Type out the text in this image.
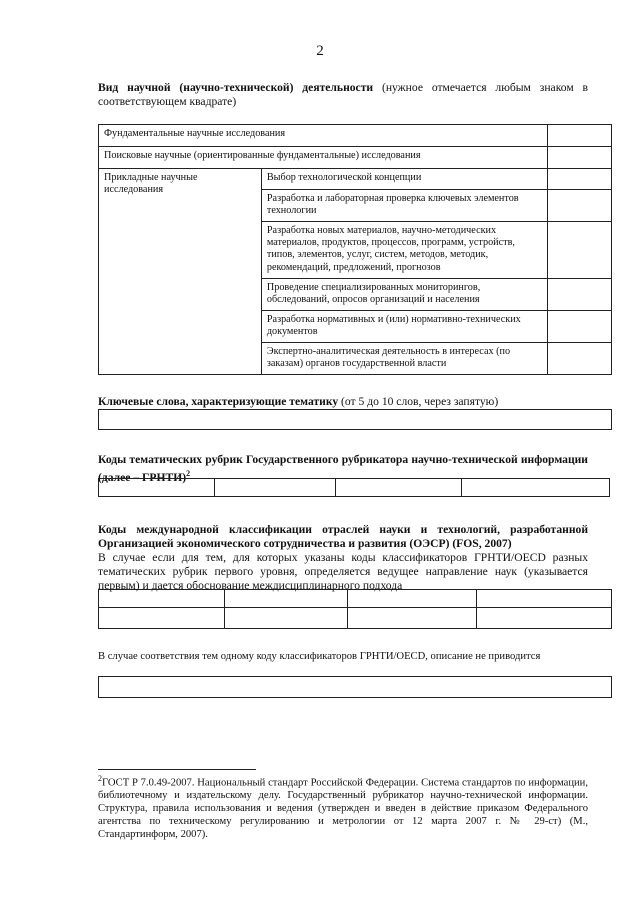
2
Вид научной (научно-технической) деятельности (нужное отмечается любым знаком в соответствующем квадрате)
Фундаментальные научные исследования		

Поисковые научные (ориентированные фундаментальные) исследования		

Прикладные научные исследования	Выбор технологической концепции	

	Разработка и лабораторная проверка ключевых элементов технологии	

	Разработка новых материалов, научно-методических материалов, продуктов, процессов, программ, устройств, типов, элементов, услуг, систем, методов, методик, рекомендаций, предложений, прогнозов	

	Проведение специализированных мониторингов, обследований, опросов организаций и населения	

	Разработка нормативных и (или) нормативно-технических документов	

	Экспертно-аналитическая деятельность в интересах (по заказам) органов государственной власти	

Ключевые слова, характеризующие тематику (от 5 до 10 слов, через запятую)
Коды тематических рубрик Государственного рубрикатора научно-технической информации (далее – ГРНТИ)$^2$

Коды международной классификации отраслей науки и технологий, разработанной Организацией экономического сотрудничества и развития (ОЭСР) (FOS, 2007)
В случае если для тем, для которых указаны коды классификаторов ГРНТИ/OECD разных тематических рубрик первого уровня, определяется ведущее направление наук (указывается первым) и дается обоснование междисциплинарного подхода

В случае соответствия тем одному коду классификаторов ГРНТИ/OECD, описание не приводится
$^2$ГОСТ Р 7.0.49-2007. Национальный стандарт Российской Федерации. Система стандартов по информации, библиотечному и издательскому делу. Государственный рубрикатор научно-технической информации. Структура, правила использования и ведения (утвержден и введен в действие приказом Федерального агентства по техническому регулированию и метрологии от 12 марта 2007 г. № 29-ст) (М., Стандартинформ, 2007).
